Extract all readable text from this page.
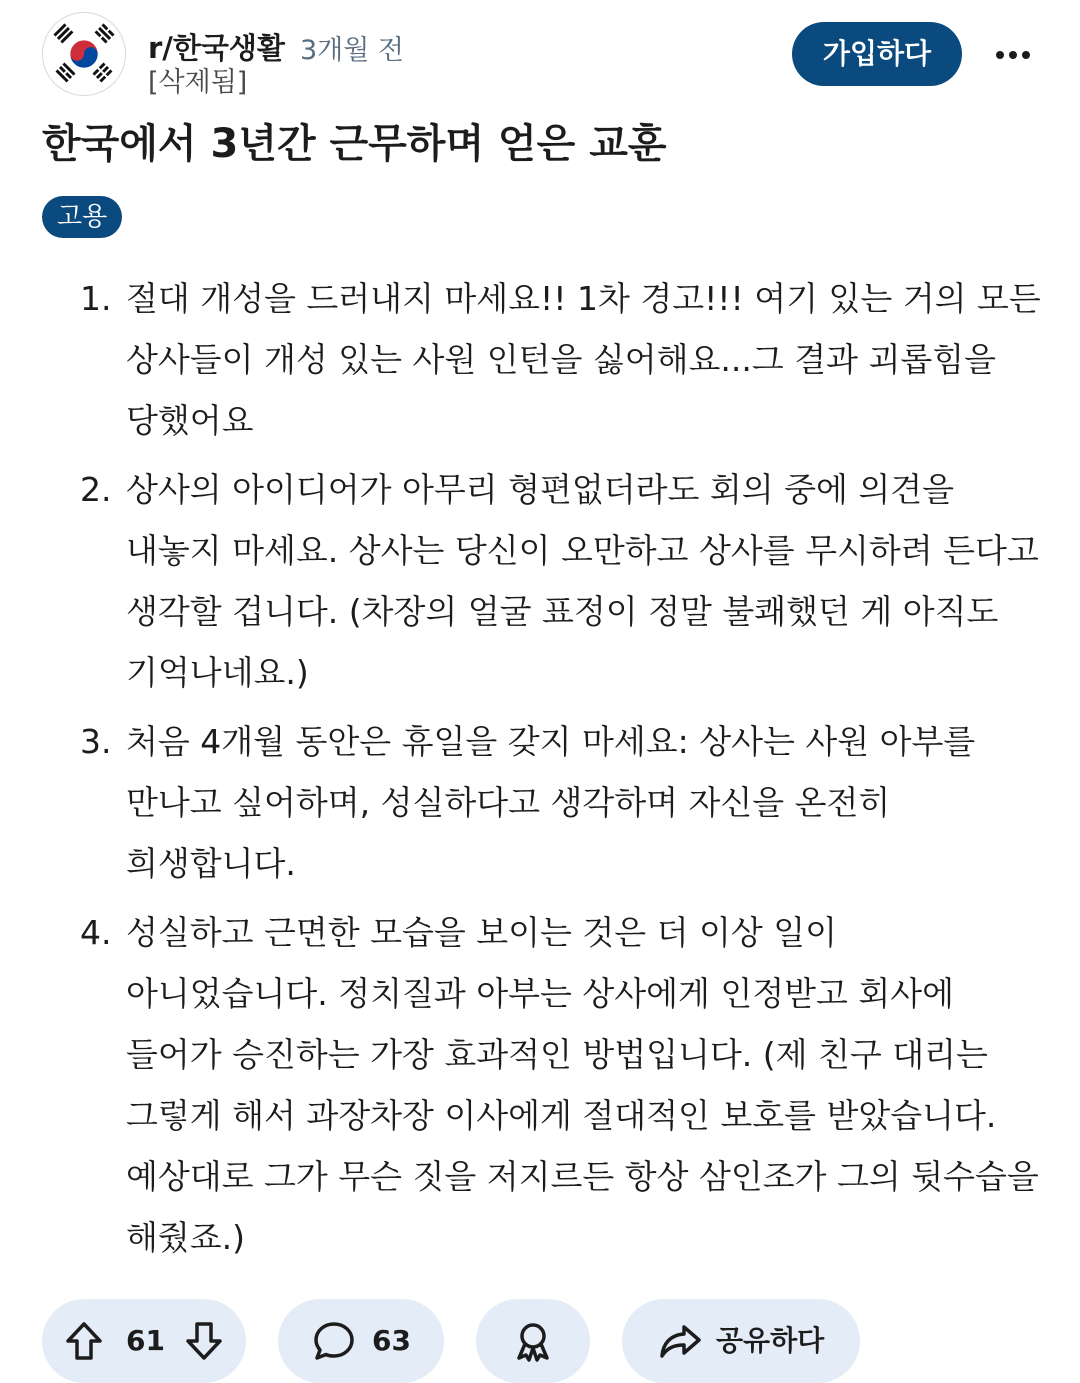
r/한국생활 3개월 전
[삭제됨]
가입하다
한국에서 3년간 근무하며 얻은 교훈
고용
1. 절대 개성을 드러내지 마세요!! 1차 경고!!! 여기 있는 거의 모든 상사들이 개성 있는 사원 인턴을 싫어해요...그 결과 괴롭힘을 당했어요
2. 상사의 아이디어가 아무리 형편없더라도 회의 중에 의견을 내놓지 마세요. 상사는 당신이 오만하고 상사를 무시하려 든다고 생각할 겁니다. (차장의 얼굴 표정이 정말 불쾌했던 게 아직도 기억나네요.)
3. 처음 4개월 동안은 휴일을 갖지 마세요: 상사는 사원 아부를 만나고 싶어하며, 성실하다고 생각하며 자신을 온전히 희생합니다.
4. 성실하고 근면한 모습을 보이는 것은 더 이상 일이 아니었습니다. 정치질과 아부는 상사에게 인정받고 회사에 들어가 승진하는 가장 효과적인 방법입니다. (제 친구 대리는 그렇게 해서 과장차장 이사에게 절대적인 보호를 받았습니다. 예상대로 그가 무슨 짓을 저지르든 항상 삼인조가 그의 뒷수습을 해줬죠.)
61	63	공유하다
